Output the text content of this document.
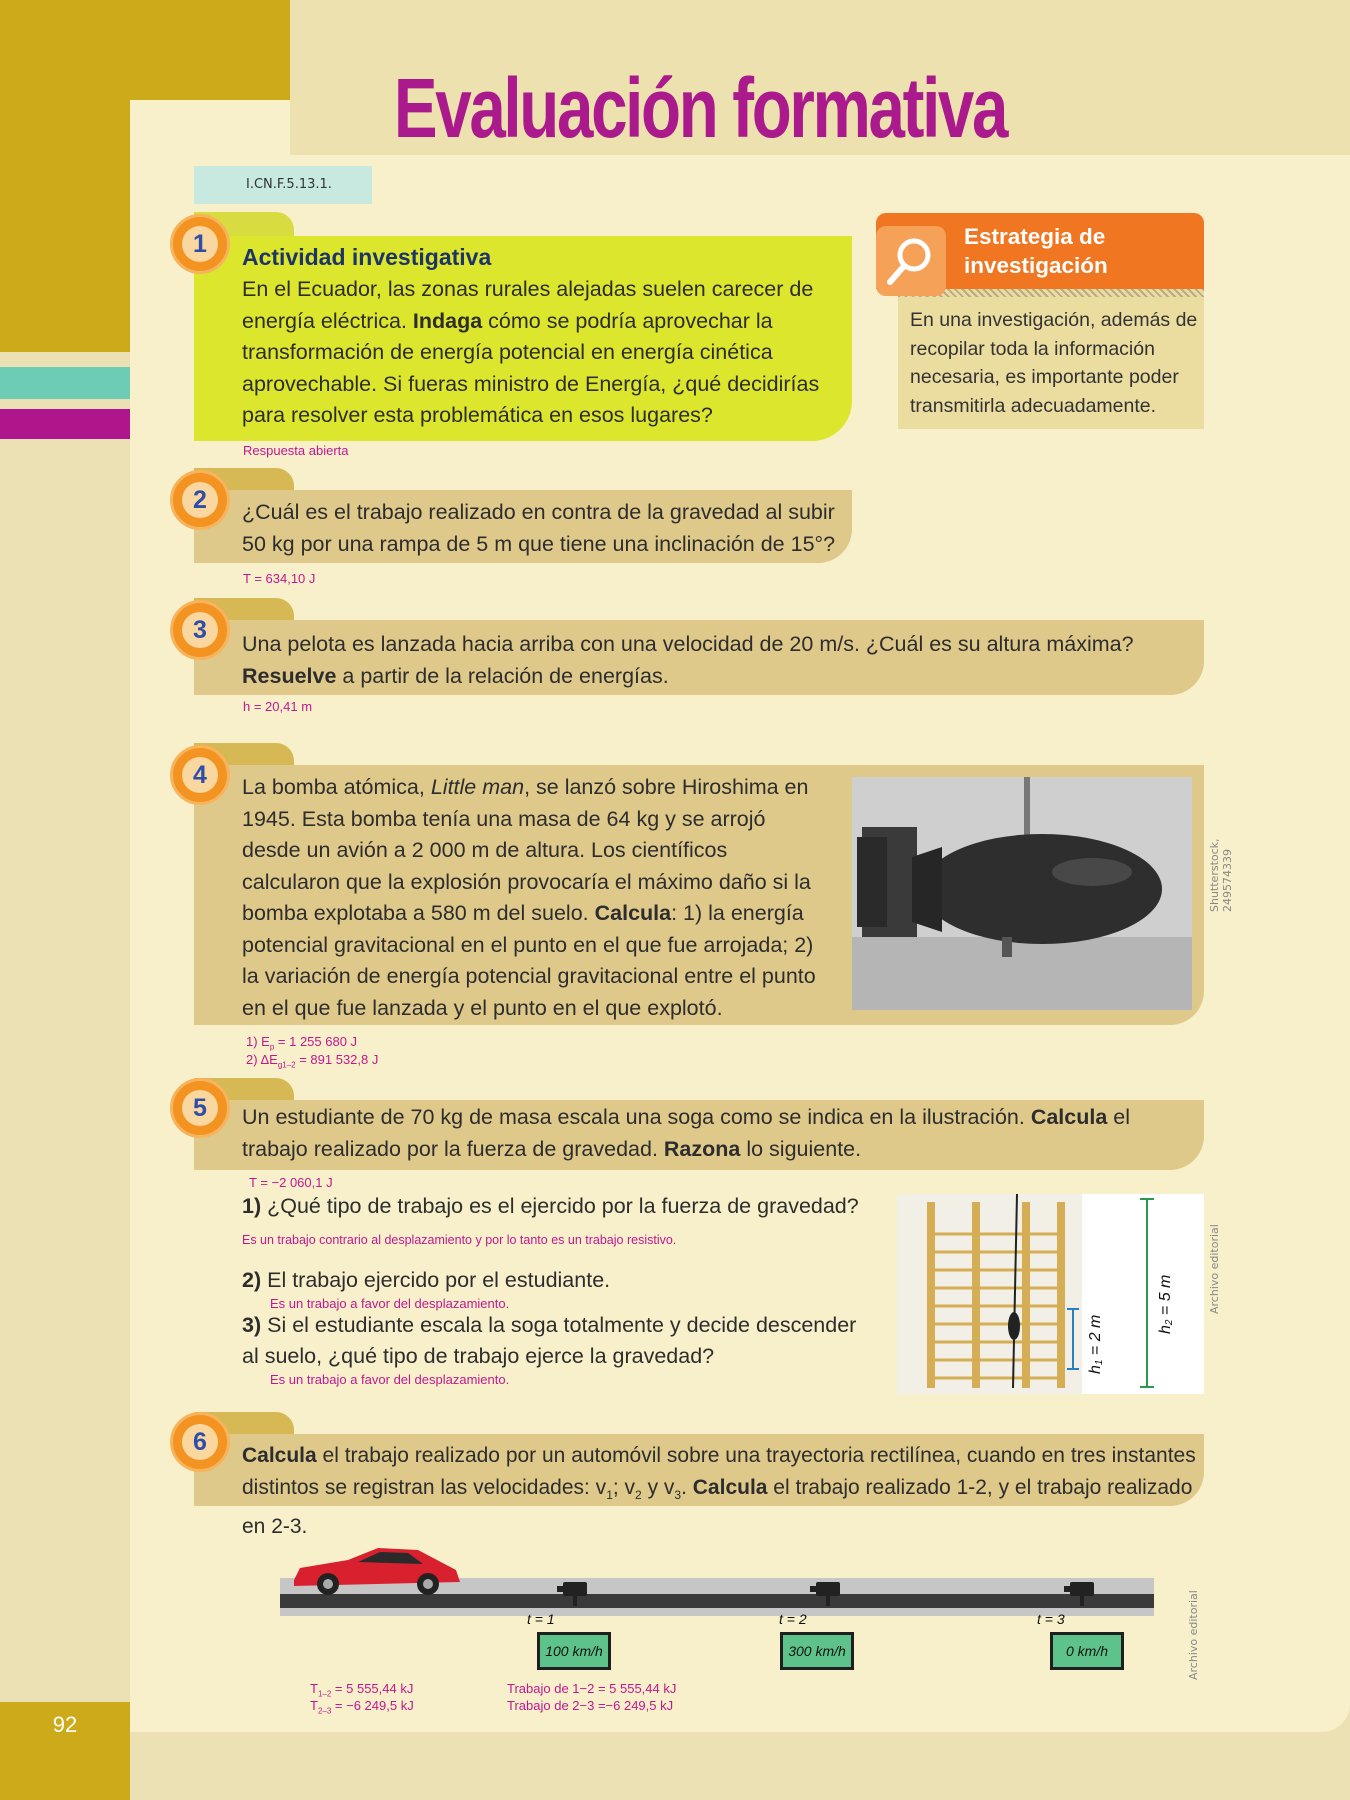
92
Evaluación formativa
I.CN.F.5.13.1.
1	Actividad investigativa
En el Ecuador, las zonas rurales alejadas suelen carecer de energía eléctrica. Indaga cómo se podría aprovechar la transformación de energía potencial en energía cinética aprovechable. Si fueras ministro de Energía, ¿qué decidirías para resolver esta problemática en esos lugares?
Respuesta abierta
Estrategia de
investigación
En una investigación, además de recopilar toda la información necesaria, es importante poder transmitirla adecuadamente.
2	¿Cuál es el trabajo realizado en contra de la gravedad al subir 50 kg por una rampa de 5 m que tiene una inclinación de 15°?
T = 634,10 J
3	Una pelota es lanzada hacia arriba con una velocidad de 20 m/s. ¿Cuál es su altura máxima? Resuelve a partir de la relación de energías.
h = 20,41 m
4	La bomba atómica, Little man, se lanzó sobre Hiroshima en 1945. Esta bomba tenía una masa de 64 kg y se arrojó desde un avión a 2 000 m de altura. Los científicos calcularon que la explosión provocaría el máximo daño si la bomba explotaba a 580 m del suelo. Calcula: 1) la energía potencial gravitacional en el punto en el que fue arrojada; 2) la variación de energía potencial gravitacional entre el punto en el que fue lanzada y el punto en el que explotó.
Shutterstock, 249574339
1) $E_p = 1$ 255 680 J
2) $\Delta E_{g1-2} = 891$ 532,8 J
5	Un estudiante de 70 kg de masa escala una soga como se indica en la ilustración. Calcula el trabajo realizado por la fuerza de gravedad. Razona lo siguiente.
T = −2 060,1 J
1) ¿Qué tipo de trabajo es el ejercido por la fuerza de gravedad? Es un trabajo contrario al desplazamiento y por lo tanto es un trabajo resistivo.
2) El trabajo ejercido por el estudiante.
Es un trabajo a favor del desplazamiento.
3) Si el estudiante escala la soga totalmente y decide descender al suelo, ¿qué tipo de trabajo ejerce la gravedad?
Es un trabajo a favor del desplazamiento.
$h_1 = 2$ m	$h_2 = 5$ m	Archivo editorial
6	Calcula el trabajo realizado por un automóvil sobre una trayectoria rectilínea, cuando en tres instantes distintos se registran las velocidades: $v_1$; $v_2$ y $v_3$. Calcula el trabajo realizado 1-2, y el trabajo realizado en 2-3.
t = 1	t = 2	t = 3
100 km/h	300 km/h	0 km/h	Archivo editorial
$T_{1-2} = 5$ 555,44 kJ
$T_{2-3} = -6$ 249,5 kJ
Trabajo de 1−2 = 5 555,44 kJ
Trabajo de 2−3 =−6 249,5 kJ
